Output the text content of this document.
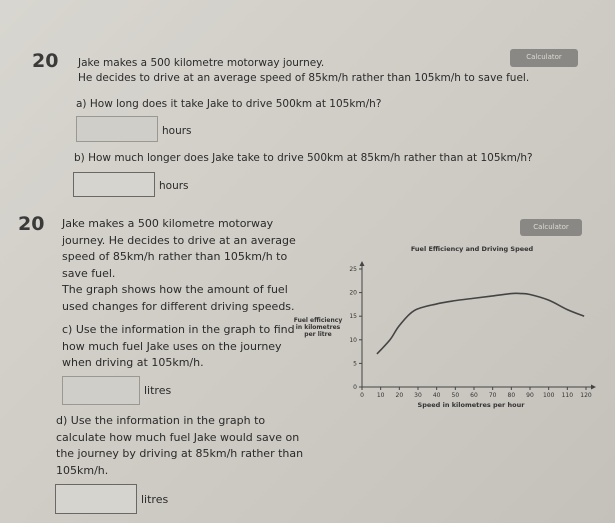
20 Jake makes a 500 kilometre motorway journey.
He decides to drive at an average speed of 85km/h rather than 105km/h to save fuel.
Calculator
a) How long does it take Jake to drive 500km at 105km/h?
hours
b) How much longer does Jake take to drive 500km at 85km/h rather than at 105km/h?
hours
20	Calculator
Jake makes a 500 kilometre motorway
journey. He decides to drive at an average
speed of 85km/h rather than 105km/h to
save fuel.
The graph shows how the amount of fuel
used changes for different driving speeds.
c) Use the information in the graph to find
how much fuel Jake uses on the journey
when driving at 105km/h.
litres
d) Use the information in the graph to
calculate how much fuel Jake would save on
the journey by driving at 85km/h rather than
105km/h.
litres
Fuel Efficiency and Driving Speed
Speed in kilometres per hour
Fuel efficiency
in kilometres
per litre
0 10 20 30 40 50 60 70 80 90 100 110 120
0
5
10
15
20
25
